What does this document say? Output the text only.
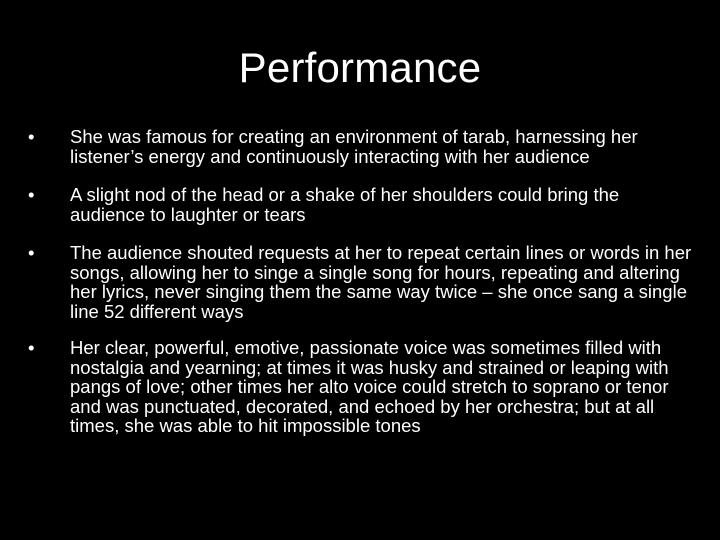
Performance
•	She was famous for creating an environment of tarab, harnessing her listener’s energy and continuously interacting with her audience
•	A slight nod of the head or a shake of her shoulders could bring the audience to laughter or tears
•	The audience shouted requests at her to repeat certain lines or words in her songs, allowing her to singe a single song for hours, repeating and altering her lyrics, never singing them the same way twice – she once sang a single line 52 different ways
•	Her clear, powerful, emotive, passionate voice was sometimes filled with nostalgia and yearning; at times it was husky and strained or leaping with pangs of love; other times her alto voice could stretch to soprano or tenor and was punctuated, decorated, and echoed by her orchestra; but at all times, she was able to hit impossible tones
